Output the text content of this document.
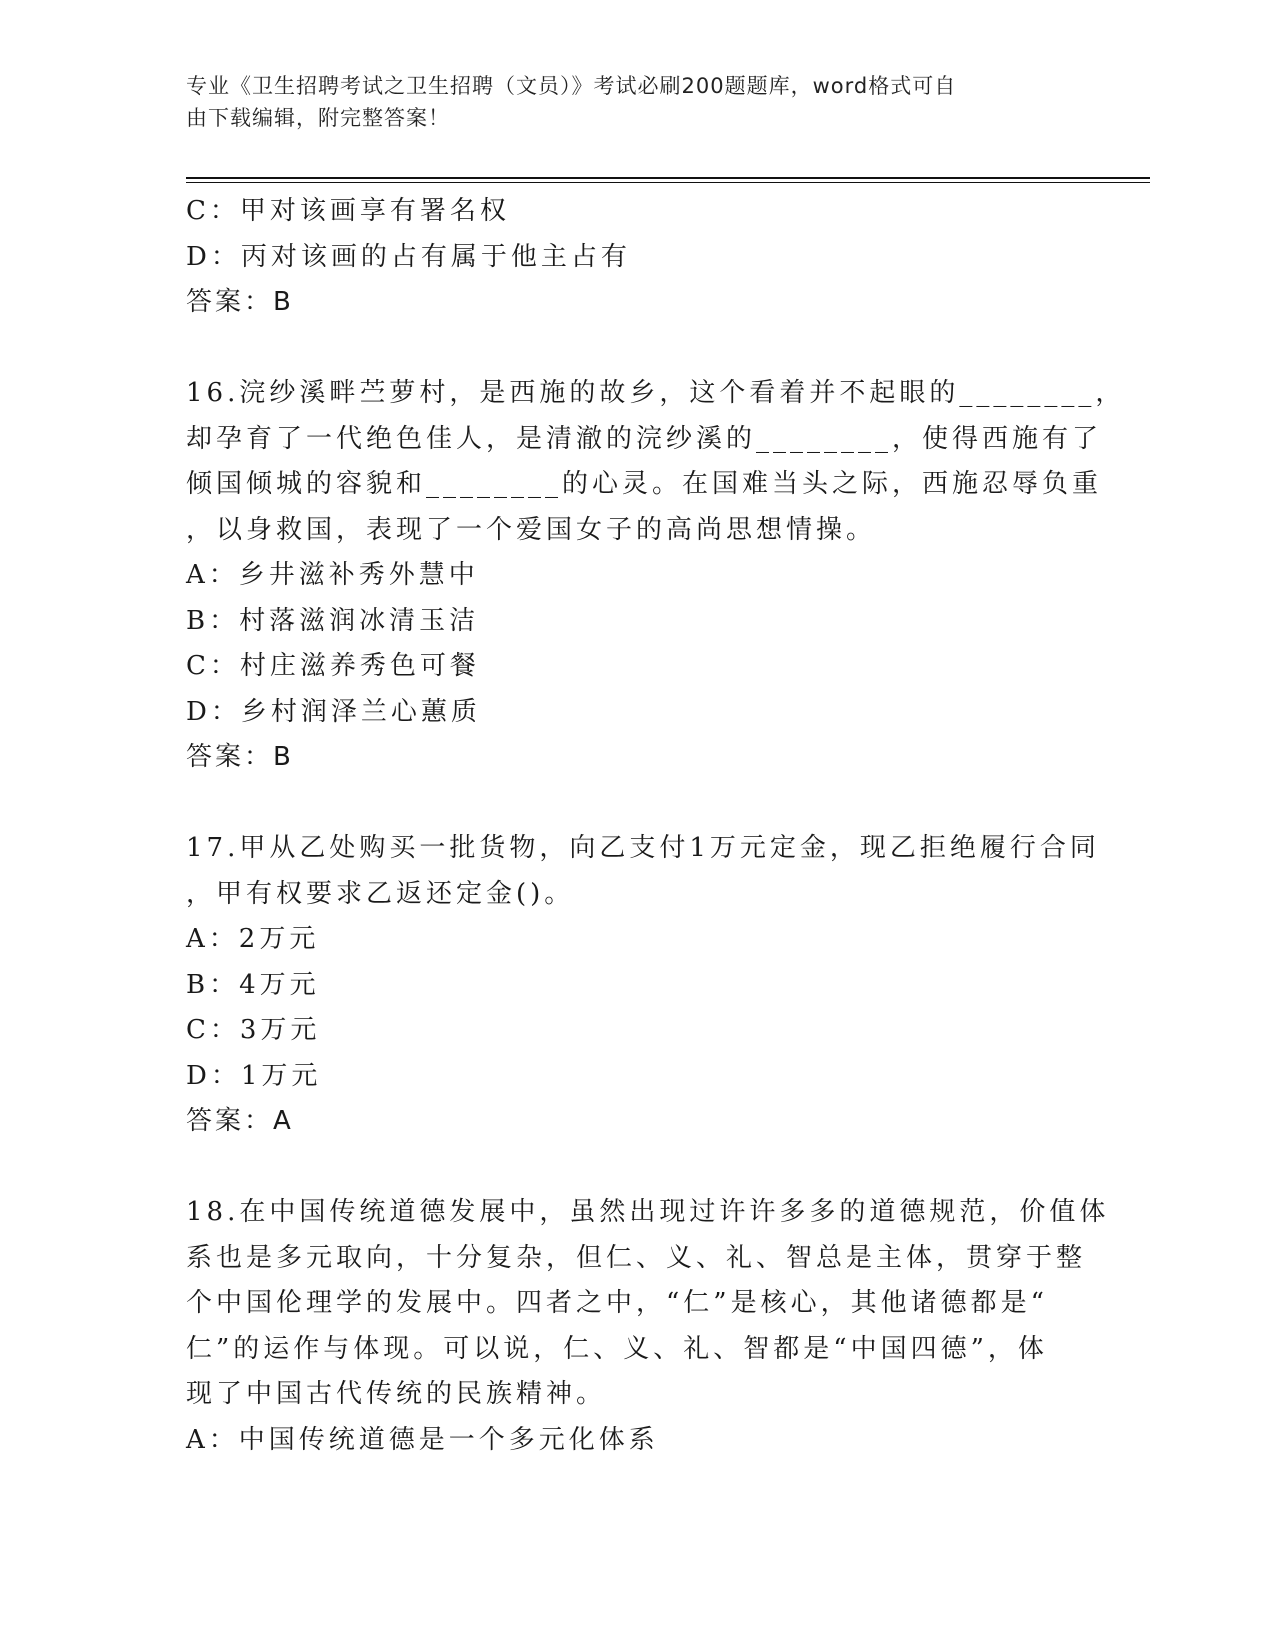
专业《卫生招聘考试之卫生招聘（文员）》考试必刷200题题库，word格式可自
由下载编辑，附完整答案！
C：甲对该画享有署名权
D：丙对该画的占有属于他主占有
答案：B
16.浣纱溪畔苎萝村，是西施的故乡，这个看着并不起眼的________，
却孕育了一代绝色佳人，是清澈的浣纱溪的________，使得西施有了
倾国倾城的容貌和________的心灵。在国难当头之际，西施忍辱负重
，以身救国，表现了一个爱国女子的高尚思想情操。
A：乡井滋补秀外慧中
B：村落滋润冰清玉洁
C：村庄滋养秀色可餐
D：乡村润泽兰心蕙质
答案：B
17.甲从乙处购买一批货物，向乙支付1万元定金，现乙拒绝履行合同
，甲有权要求乙返还定金()。
A：2万元
B：4万元
C：3万元
D：1万元
答案：A
18.在中国传统道德发展中，虽然出现过许许多多的道德规范，价值体
系也是多元取向，十分复杂，但仁、义、礼、智总是主体，贯穿于整
个中国伦理学的发展中。四者之中，“仁”是核心，其他诸德都是“
仁”的运作与体现。可以说，仁、义、礼、智都是“中国四德”，体
现了中国古代传统的民族精神。
A：中国传统道德是一个多元化体系
